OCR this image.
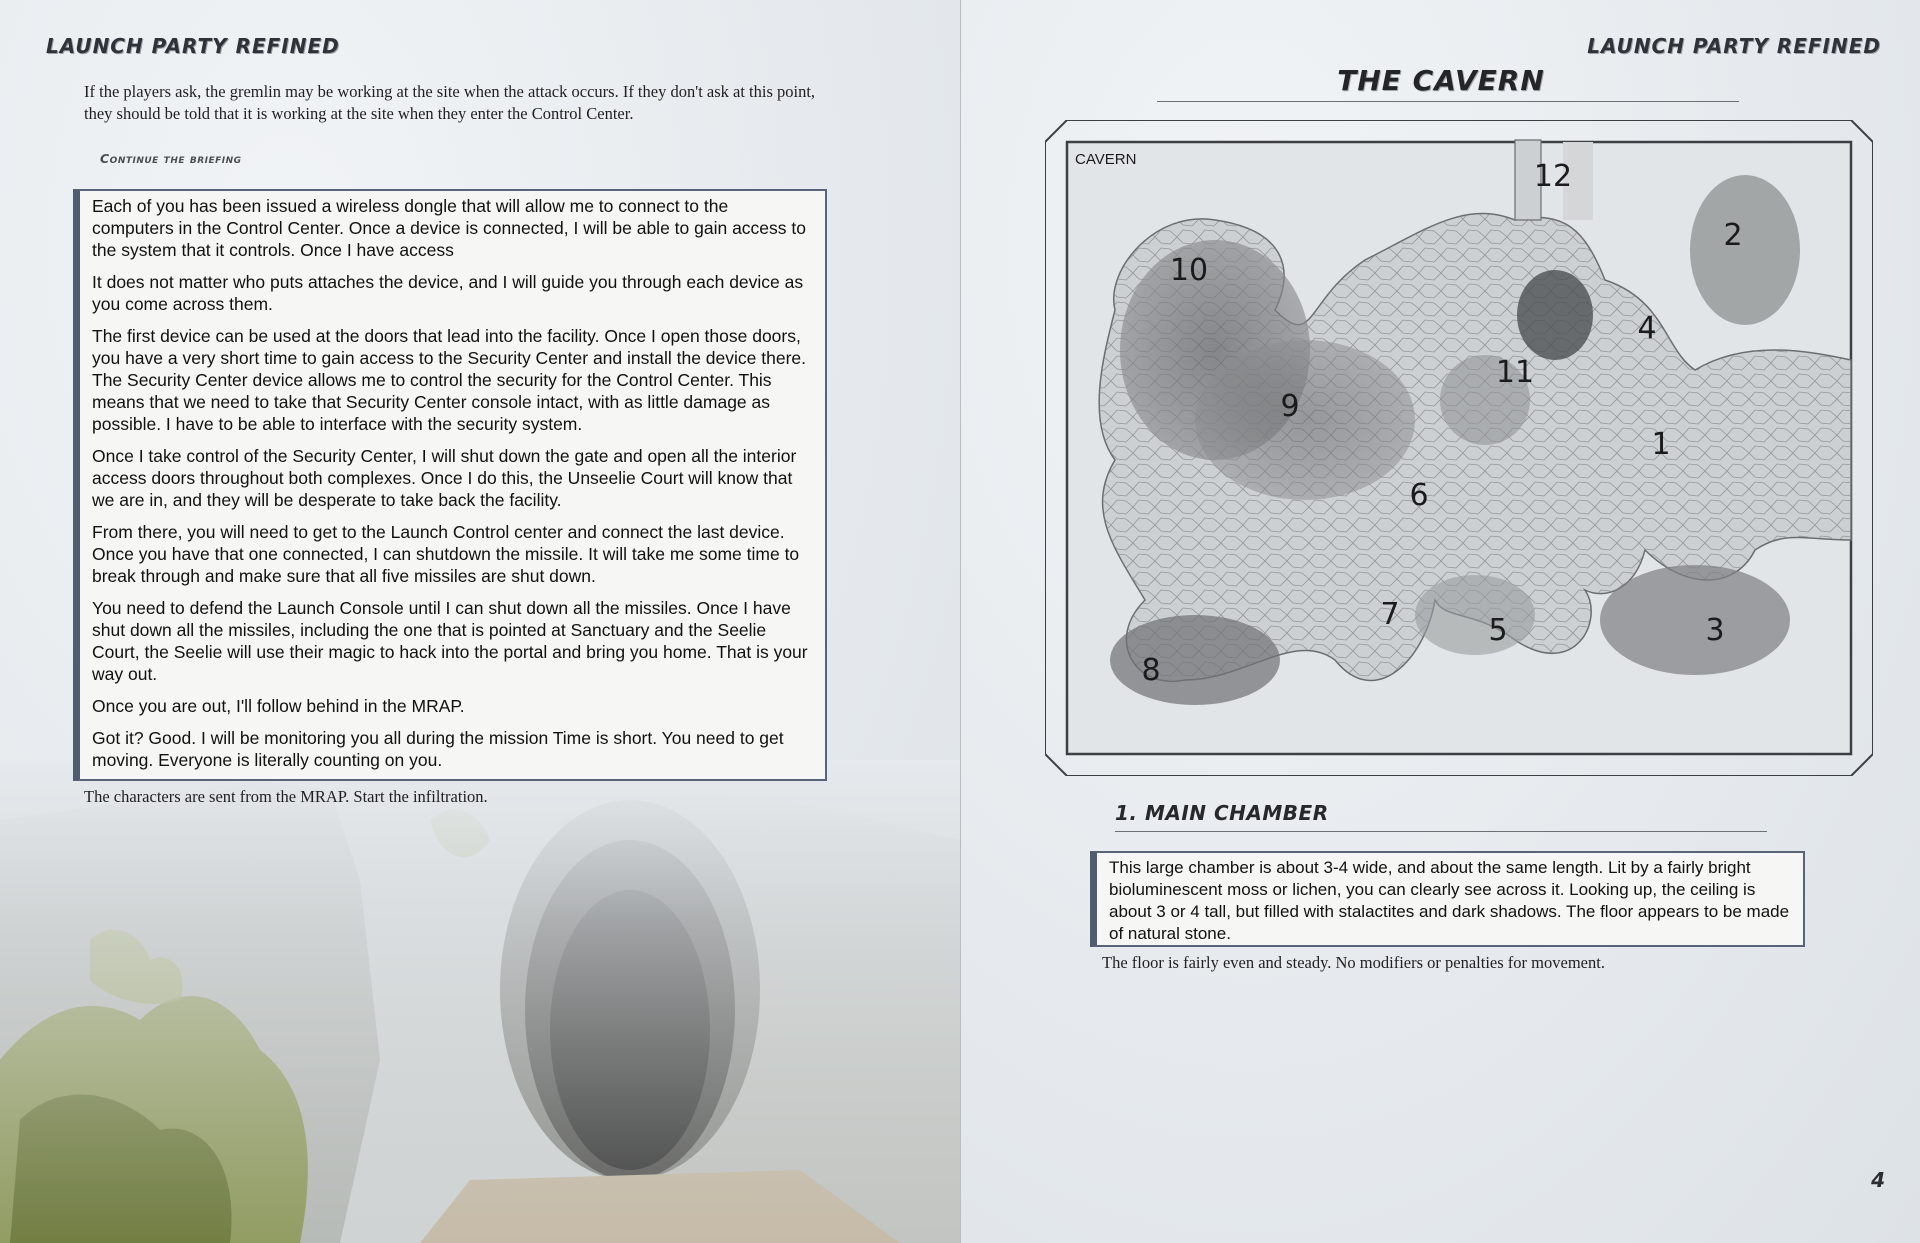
LAUNCH PARTY REFINED
If the players ask, the gremlin may be working at the site when the attack occurs. If they don't ask at this point, they should be told that it is working at the site when they enter the Control Center.
Continue the briefing

Each of you has been issued a wireless dongle that will allow me to connect to the computers in the Control Center. Once a device is connected, I will be able to gain access to the system that it controls. Once I have access

It does not matter who puts attaches the device, and I will guide you through each device as you come across them.

The first device can be used at the doors that lead into the facility. Once I open those doors, you have a very short time to gain access to the Security Center and install the device there. The Security Center device allows me to control the security for the Control Center. This means that we need to take that Security Center console intact, with as little damage as possible. I have to be able to interface with the security system.

Once I take control of the Security Center, I will shut down the gate and open all the interior access doors throughout both complexes. Once I do this, the Unseelie Court will know that we are in, and they will be desperate to take back the facility.

From there, you will need to get to the Launch Control center and connect the last device. Once you have that one connected, I can shutdown the missile. It will take me some time to break through and make sure that all five missiles are shut down.

You need to defend the Launch Console until I can shut down all the missiles. Once I have shut down all the missiles, including the one that is pointed at Sanctuary and the Seelie Court, the Seelie will use their magic to hack into the portal and bring you home. That is your way out.

Once you are out, I'll follow behind in the MRAP.

Got it? Good. I will be monitoring you all during the mission Time is short. You need to get moving. Everyone is literally counting on you.

The characters are sent from the MRAP. Start the infiltration.
LAUNCH PARTY REFINED
THE CAVERN
CAVERN
1
2
3
4
5
6
7
8
9
10
11
12
1. MAIN CHAMBER

This large chamber is about 3-4 wide, and about the same length. Lit by a fairly bright bioluminescent moss or lichen, you can clearly see across it. Looking up, the ceiling is about 3 or 4 tall, but filled with stalactites and dark shadows. The floor appears to be made of natural stone.

The floor is fairly even and steady. No modifiers or penalties for movement.
4
